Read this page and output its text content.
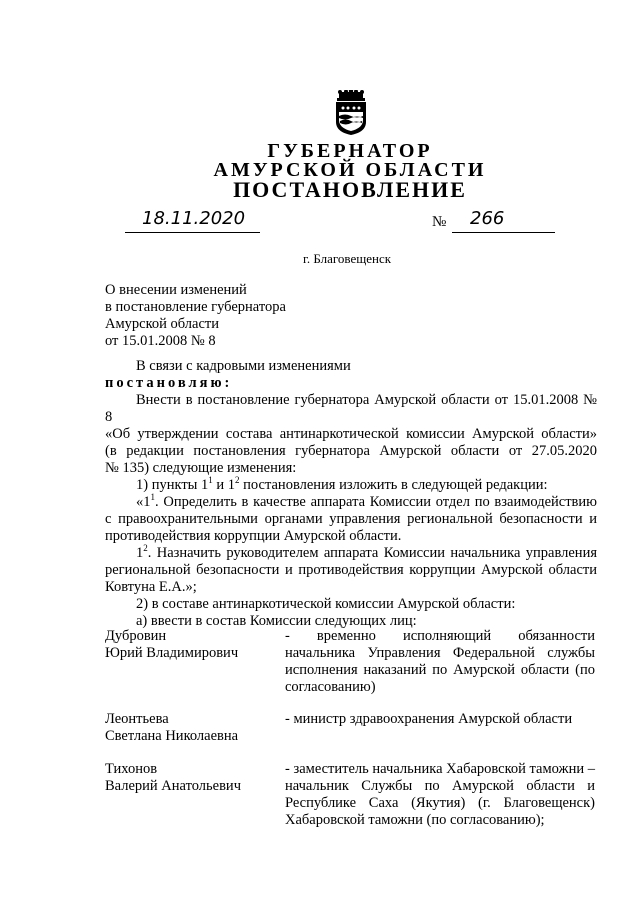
ГУБЕРНАТОР
АМУРСКОЙ ОБЛАСТИ
ПОСТАНОВЛЕНИЕ
18.11.2020	№ 266
г. Благовещенск
О внесении изменений
в постановление губернатора
Амурской области
от 15.01.2008 № 8
В связи с кадровыми изменениями
постановляю:
Внести в постановление губернатора Амурской области от 15.01.2008 № 8
«Об утверждении состава антинаркотической комиссии Амурской области»
(в редакции постановления губернатора Амурской области от 27.05.2020
№ 135) следующие изменения:
1) пункты $1^1$ и $1^2$ постановления изложить в следующей редакции:
«$1^1$. Определить в качестве аппарата Комиссии отдел по взаимодействию
с правоохранительными органами управления региональной безопасности и
противодействия коррупции Амурской области.
$1^2$. Назначить руководителем аппарата Комиссии начальника управления
региональной безопасности и противодействия коррупции Амурской области
Ковтуна Е.А.»;
2) в составе антинаркотической комиссии Амурской области:
а) ввести в состав Комиссии следующих лиц:
Дубровин
Юрий Владимирович
- временно исполняющий обязанности
начальника Управления Федеральной службы
исполнения наказаний по Амурской области (по
согласованию)
Леонтьева
Светлана Николаевна
- министр здравоохранения Амурской области
Тихонов
Валерий Анатольевич
- заместитель начальника Хабаровской таможни –
начальник Службы по Амурской области и
Республике Саха (Якутия) (г. Благовещенск)
Хабаровской таможни (по согласованию);
